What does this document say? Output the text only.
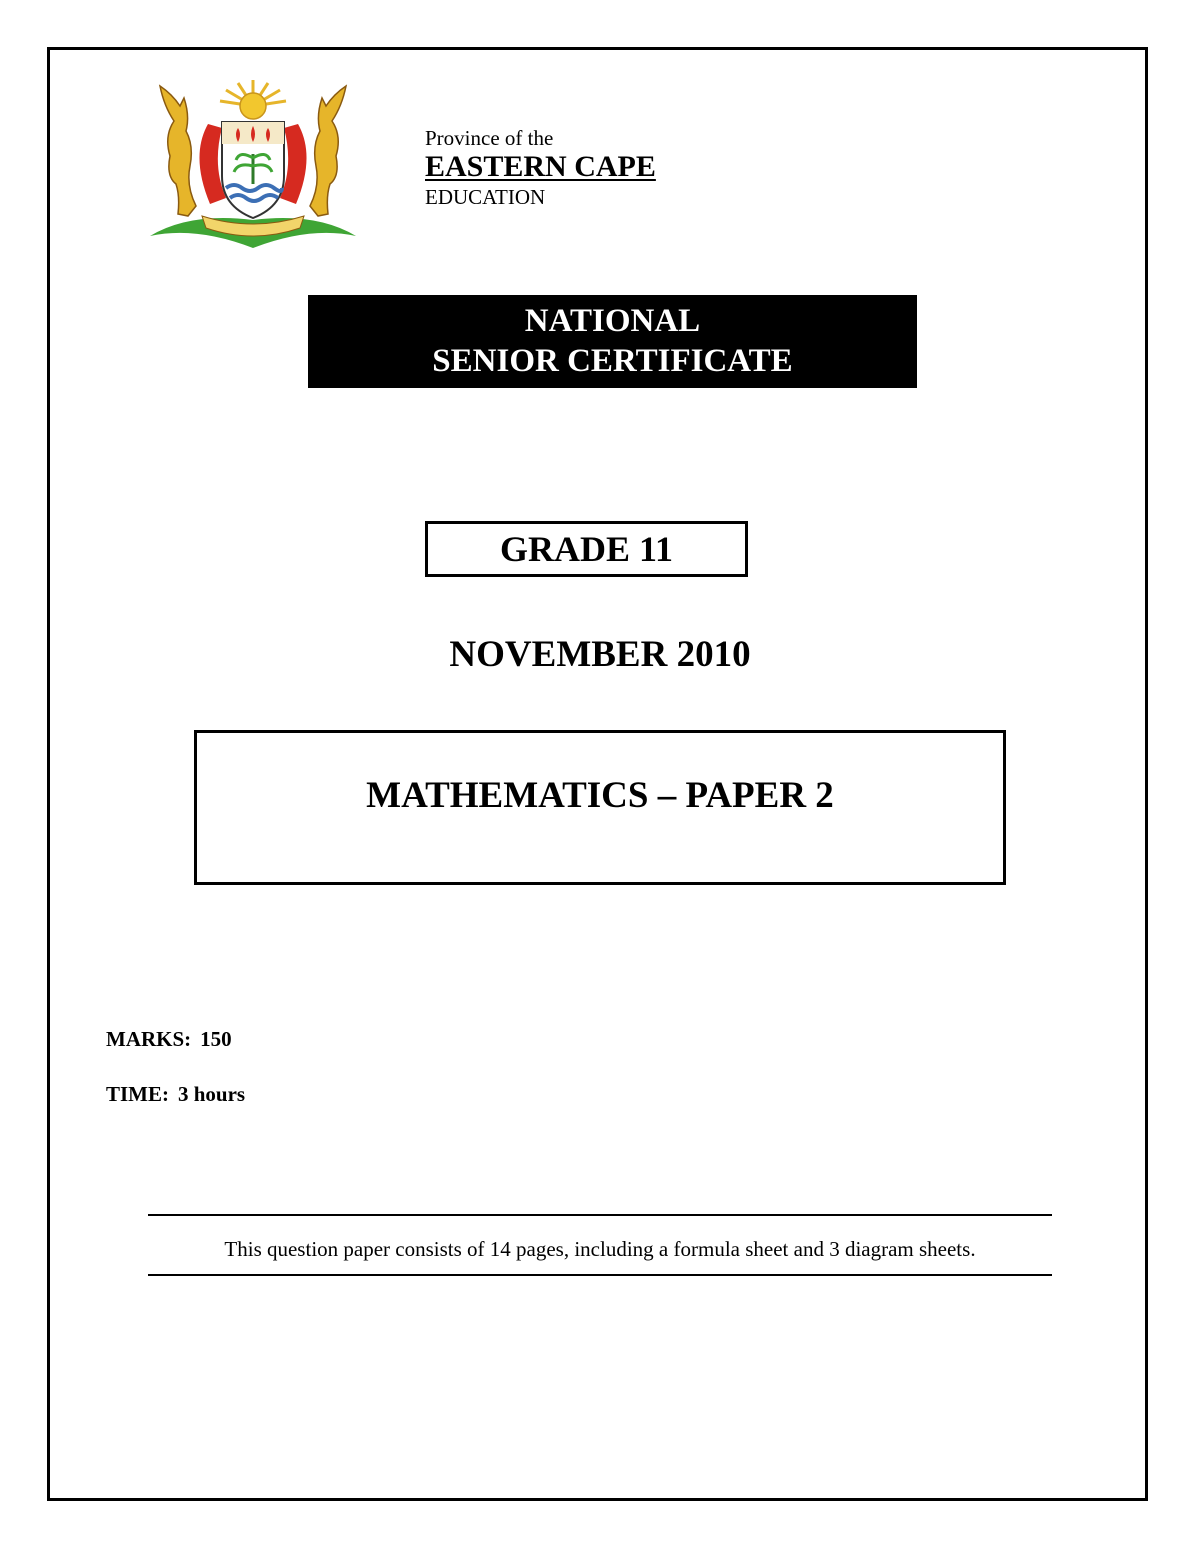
Province of the
EASTERN CAPE
EDUCATION
NATIONAL
SENIOR CERTIFICATE
GRADE 11
NOVEMBER 2010
MATHEMATICS – PAPER 2
MARKS: 150
TIME: 3 hours
This question paper consists of 14 pages, including a formula sheet and 3 diagram sheets.
